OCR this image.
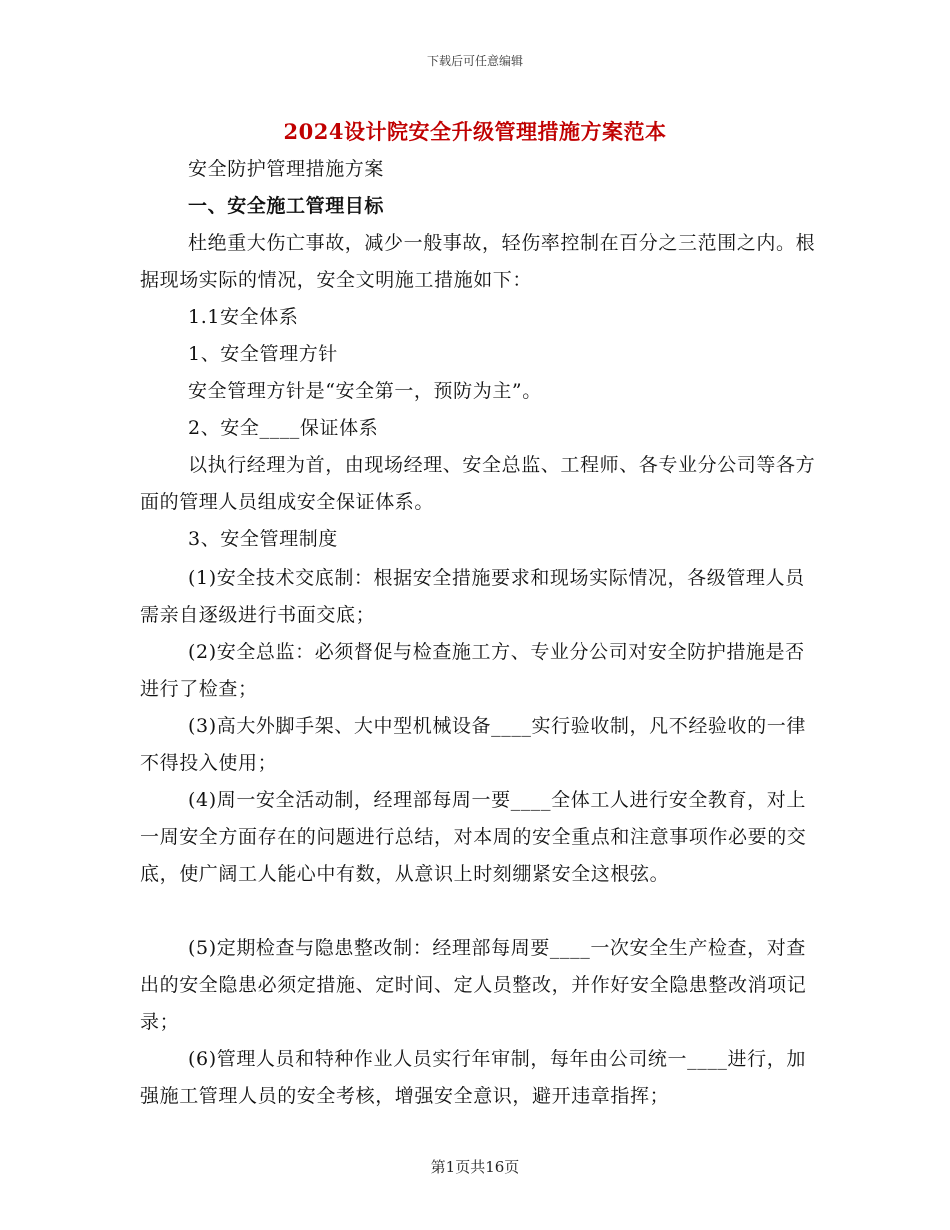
下载后可任意编辑
2024设计院安全升级管理措施方案范本
安全防护管理措施方案
一、安全施工管理目标
杜绝重大伤亡事故，减少一般事故，轻伤率控制在百分之三范围之内。根据现场实际的情况，安全文明施工措施如下：
1.1安全体系
1、安全管理方针
安全管理方针是“安全第一，预防为主”。
2、安全____保证体系
以执行经理为首，由现场经理、安全总监、工程师、各专业分公司等各方面的管理人员组成安全保证体系。
3、安全管理制度
(1)安全技术交底制：根据安全措施要求和现场实际情况，各级管理人员需亲自逐级进行书面交底；
(2)安全总监：必须督促与检查施工方、专业分公司对安全防护措施是否进行了检查；
(3)高大外脚手架、大中型机械设备____实行验收制，凡不经验收的一律不得投入使用；
(4)周一安全活动制，经理部每周一要____全体工人进行安全教育，对上一周安全方面存在的问题进行总结，对本周的安全重点和注意事项作必要的交底，使广阔工人能心中有数，从意识上时刻绷紧安全这根弦。
(5)定期检查与隐患整改制：经理部每周要____一次安全生产检查，对查出的安全隐患必须定措施、定时间、定人员整改，并作好安全隐患整改消项记录；
(6)管理人员和特种作业人员实行年审制，每年由公司统一____进行，加强施工管理人员的安全考核，增强安全意识，避开违章指挥；
第1页共16页
